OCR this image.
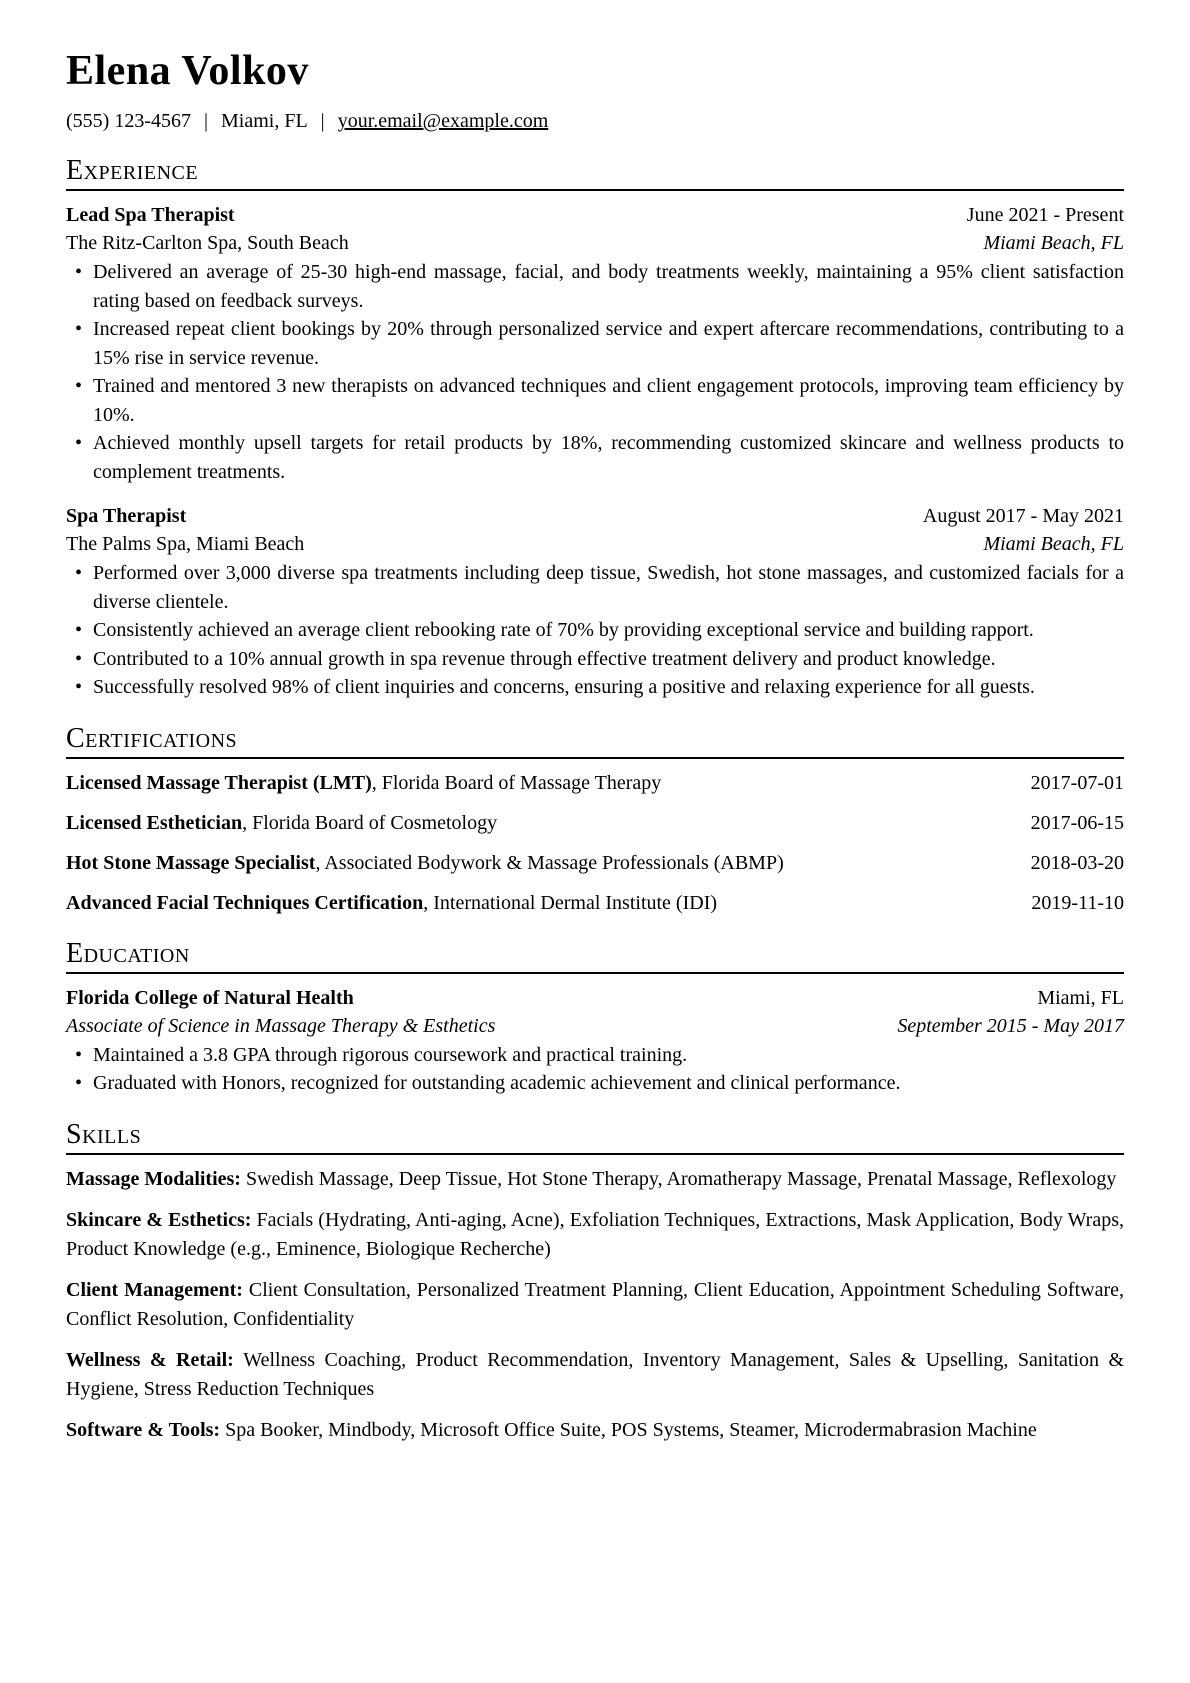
Elena Volkov
(555) 123-4567 | Miami, FL | your.email@example.com
Experience
Lead Spa Therapist	June 2021 - Present
The Ritz-Carlton Spa, South Beach	Miami Beach, FL
• Delivered an average of 25-30 high-end massage, facial, and body treatments weekly, maintaining a 95% client satisfaction rating based on feedback surveys.
• Increased repeat client bookings by 20% through personalized service and expert aftercare recommendations, contributing to a 15% rise in service revenue.
• Trained and mentored 3 new therapists on advanced techniques and client engagement protocols, improving team efficiency by 10%.
• Achieved monthly upsell targets for retail products by 18%, recommending customized skincare and wellness products to complement treatments.
Spa Therapist	August 2017 - May 2021
The Palms Spa, Miami Beach	Miami Beach, FL
• Performed over 3,000 diverse spa treatments including deep tissue, Swedish, hot stone massages, and customized facials for a diverse clientele.
• Consistently achieved an average client rebooking rate of 70% by providing exceptional service and building rapport.
• Contributed to a 10% annual growth in spa revenue through effective treatment delivery and product knowledge.
• Successfully resolved 98% of client inquiries and concerns, ensuring a positive and relaxing experience for all guests.
Certifications
Licensed Massage Therapist (LMT) , Florida Board of Massage Therapy	2017-07-01
Licensed Esthetician , Florida Board of Cosmetology	2017-06-15
Hot Stone Massage Specialist , Associated Bodywork & Massage Professionals (ABMP)	2018-03-20
Advanced Facial Techniques Certification , International Dermal Institute (IDI)	2019-11-10
Education
Florida College of Natural Health	Miami, FL
Associate of Science in Massage Therapy & Esthetics	September 2015 - May 2017
• Maintained a 3.8 GPA through rigorous coursework and practical training.
• Graduated with Honors, recognized for outstanding academic achievement and clinical performance.
Skills

Massage Modalities: Swedish Massage, Deep Tissue, Hot Stone Therapy, Aromatherapy Massage, Prenatal Massage, Reflexology

Skincare & Esthetics: Facials (Hydrating, Anti-aging, Acne), Exfoliation Techniques, Extractions, Mask Application, Body Wraps, Product Knowledge (e.g., Eminence, Biologique Recherche)

Client Management: Client Consultation, Personalized Treatment Planning, Client Education, Appointment Scheduling Software, Conflict Resolution, Confidentiality

Wellness & Retail: Wellness Coaching, Product Recommendation, Inventory Management, Sales & Upselling, Sanitation & Hygiene, Stress Reduction Techniques

Software & Tools: Spa Booker, Mindbody, Microsoft Office Suite, POS Systems, Steamer, Microdermabrasion Machine
